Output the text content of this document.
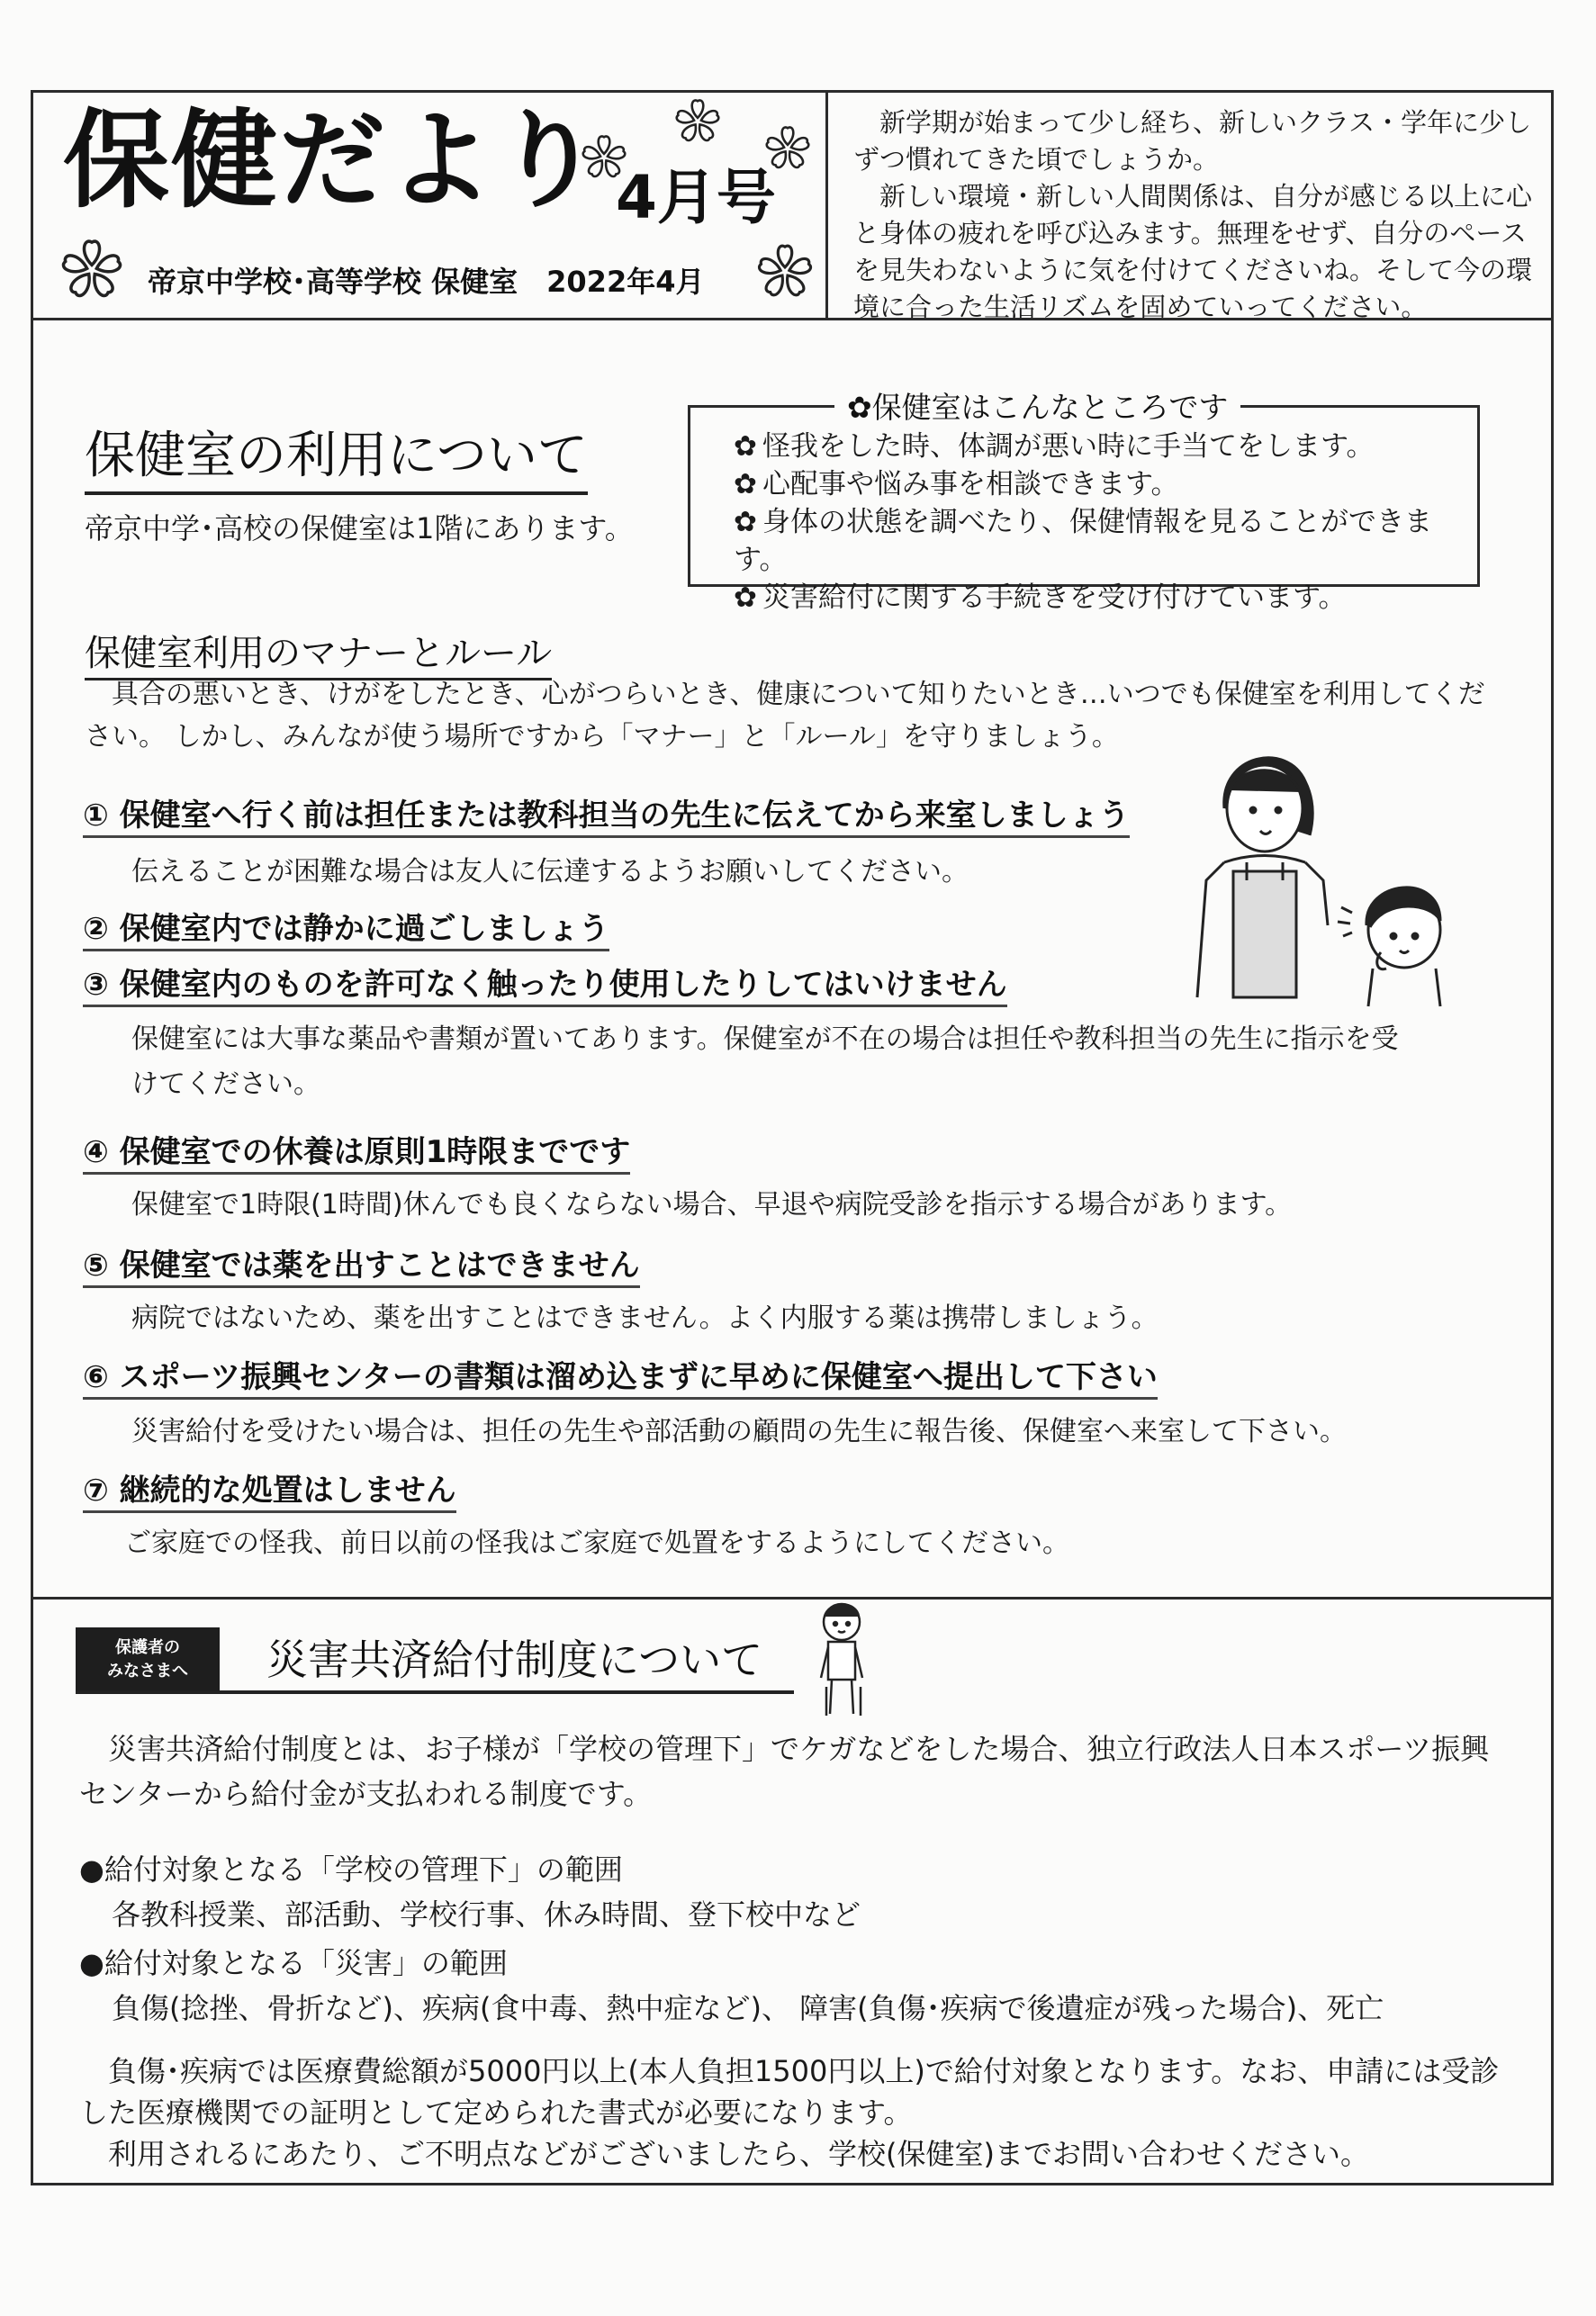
保健だより 4月号
帝京中学校･高等学校 保健室　2022年4月

新学期が始まって少し経ち、新しいクラス・学年に少しずつ慣れてきた頃でしょうか。

新しい環境・新しい人間関係は、自分が感じる以上に心と身体の疲れを呼び込みます。無理をせず、自分のペースを見失わないように気を付けてくださいね。そして今の環境に合った生活リズムを固めていってください。

保健室の利用について
帝京中学･高校の保健室は1階にあります。
✿保健室はこんなところです
✿ 怪我をした時、体調が悪い時に手当てをします。
✿ 心配事や悩み事を相談できます。
✿ 身体の状態を調べたり、保健情報を見ることができます。
✿ 災害給付に関する手続きを受け付けています。
保健室利用のマナーとルール
具合の悪いとき、けがをしたとき、心がつらいとき、健康について知りたいとき…いつでも保健室を利用してください。 しかし、みんなが使う場所ですから「マナー」と「ルール」を守りましょう。
① 保健室へ行く前は担任または教科担当の先生に伝えてから来室しましょう
伝えることが困難な場合は友人に伝達するようお願いしてください。
② 保健室内では静かに過ごしましょう
③ 保健室内のものを許可なく触ったり使用したりしてはいけません
保健室には大事な薬品や書類が置いてあります。保健室が不在の場合は担任や教科担当の先生に指示を受けてください。
④ 保健室での休養は原則1時限までです
保健室で1時限(1時間)休んでも良くならない場合、早退や病院受診を指示する場合があります。
⑤ 保健室では薬を出すことはできません
病院ではないため、薬を出すことはできません。よく内服する薬は携帯しましょう。
⑥ スポーツ振興センターの書類は溜め込まずに早めに保健室へ提出して下さい
災害給付を受けたい場合は、担任の先生や部活動の顧問の先生に報告後、保健室へ来室して下さい。
⑦ 継続的な処置はしません
ご家庭での怪我、前日以前の怪我はご家庭で処置をするようにしてください。
保護者の
みなさまへ	災害共済給付制度について
災害共済給付制度とは、お子様が「学校の管理下」でケガなどをした場合、独立行政法人日本スポーツ振興センターから給付金が支払われる制度です。
●給付対象となる「学校の管理下」の範囲
各教科授業、部活動、学校行事、休み時間、登下校中など
●給付対象となる「災害」の範囲
負傷(捻挫、骨折など)、疾病(食中毒、熱中症など)、 障害(負傷･疾病で後遺症が残った場合)、死亡
負傷･疾病では医療費総額が5000円以上(本人負担1500円以上)で給付対象となります。なお、申請には受診した医療機関での証明として定められた書式が必要になります。
利用されるにあたり、ご不明点などがございましたら、学校(保健室)までお問い合わせください。
